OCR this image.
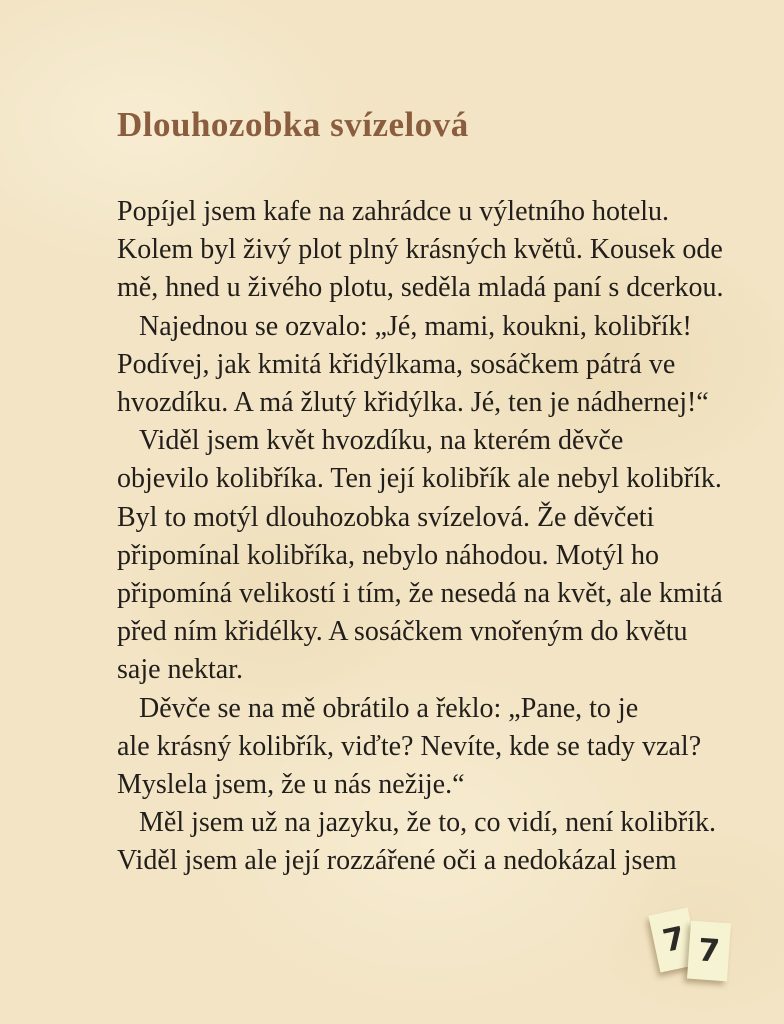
Dlouhozobka svízelová
Popíjel jsem kafe na zahrádce u výletního hotelu.
Kolem byl živý plot plný krásných květů. Kousek ode
mě, hned u živého plotu, seděla mladá paní s dcerkou.
Najednou se ozvalo: „Jé, mami, koukni, kolibřík!
Podívej, jak kmitá křidýlkama, sosáčkem pátrá ve
hvozdíku. A má žlutý křidýlka. Jé, ten je nádhernej!“
Viděl jsem květ hvozdíku, na kterém děvče
objevilo kolibříka. Ten její kolibřík ale nebyl kolibřík.
Byl to motýl dlouhozobka svízelová. Že děvčeti
připomínal kolibříka, nebylo náhodou. Motýl ho
připomíná velikostí i tím, že nesedá na květ, ale kmitá
před ním křidélky. A sosáčkem vnořeným do květu
saje nektar.
Děvče se na mě obrátilo a řeklo: „Pane, to je
ale krásný kolibřík, viďte? Nevíte, kde se tady vzal?
Myslela jsem, že u nás nežije.“
Měl jsem už na jazyku, že to, co vidí, není kolibřík.
Viděl jsem ale její rozzářené oči a nedokázal jsem
7 7
